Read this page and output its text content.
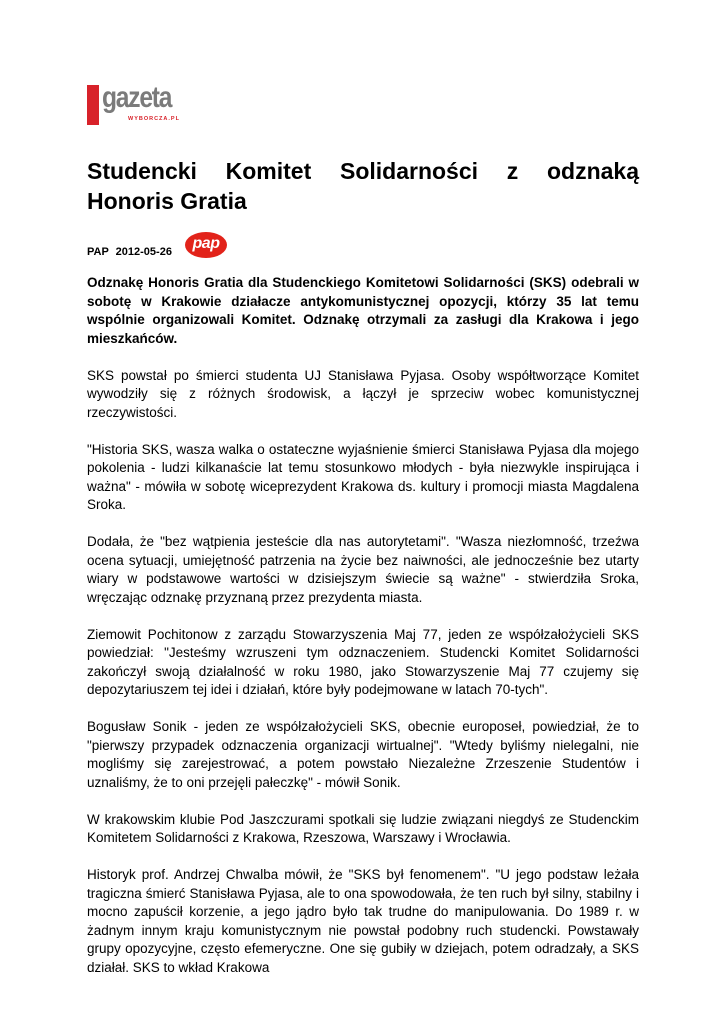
gazeta
WYBORCZA.PL
Studencki Komitet Solidarności z odznaką
Honoris Gratia
PAP 2012-05-26	pap

Odznakę Honoris Gratia dla Studenckiego Komitetowi Solidarności (SKS) odebrali w sobotę w Krakowie działacze antykomunistycznej opozycji, którzy 35 lat temu wspólnie organizowali Komitet. Odznakę otrzymali za zasługi dla Krakowa i jego mieszkańców.

SKS powstał po śmierci studenta UJ Stanisława Pyjasa. Osoby współtworzące Komitet wywodziły się z różnych środowisk, a łączył je sprzeciw wobec komunistycznej rzeczywistości.

"Historia SKS, wasza walka o ostateczne wyjaśnienie śmierci Stanisława Pyjasa dla mojego pokolenia - ludzi kilkanaście lat temu stosunkowo młodych - była niezwykle inspirująca i ważna" - mówiła w sobotę wiceprezydent Krakowa ds. kultury i promocji miasta Magdalena Sroka.

Dodała, że "bez wątpienia jesteście dla nas autorytetami". "Wasza niezłomność, trzeźwa ocena sytuacji, umiejętność patrzenia na życie bez naiwności, ale jednocześnie bez utarty wiary w podstawowe wartości w dzisiejszym świecie są ważne" - stwierdziła Sroka, wręczając odznakę przyznaną przez prezydenta miasta.

Ziemowit Pochitonow z zarządu Stowarzyszenia Maj 77, jeden ze współzałożycieli SKS powiedział: "Jesteśmy wzruszeni tym odznaczeniem. Studencki Komitet Solidarności zakończył swoją działalność w roku 1980, jako Stowarzyszenie Maj 77 czujemy się depozytariuszem tej idei i działań, które były podejmowane w latach 70-tych".

Bogusław Sonik - jeden ze współzałożycieli SKS, obecnie europoseł, powiedział, że to "pierwszy przypadek odznaczenia organizacji wirtualnej". "Wtedy byliśmy nielegalni, nie mogliśmy się zarejestrować, a potem powstało Niezależne Zrzeszenie Studentów i uznaliśmy, że to oni przejęli pałeczkę" - mówił Sonik.

W krakowskim klubie Pod Jaszczurami spotkali się ludzie związani niegdyś ze Studenckim Komitetem Solidarności z Krakowa, Rzeszowa, Warszawy i Wrocławia.

Historyk prof. Andrzej Chwalba mówił, że "SKS był fenomenem". "U jego podstaw leżała tragiczna śmierć Stanisława Pyjasa, ale to ona spowodowała, że ten ruch był silny, stabilny i mocno zapuścił korzenie, a jego jądro było tak trudne do manipulowania. Do 1989 r. w żadnym innym kraju komunistycznym nie powstał podobny ruch studencki. Powstawały grupy opozycyjne, często efemeryczne. One się gubiły w dziejach, potem odradzały, a SKS działał. SKS to wkład Krakowa
